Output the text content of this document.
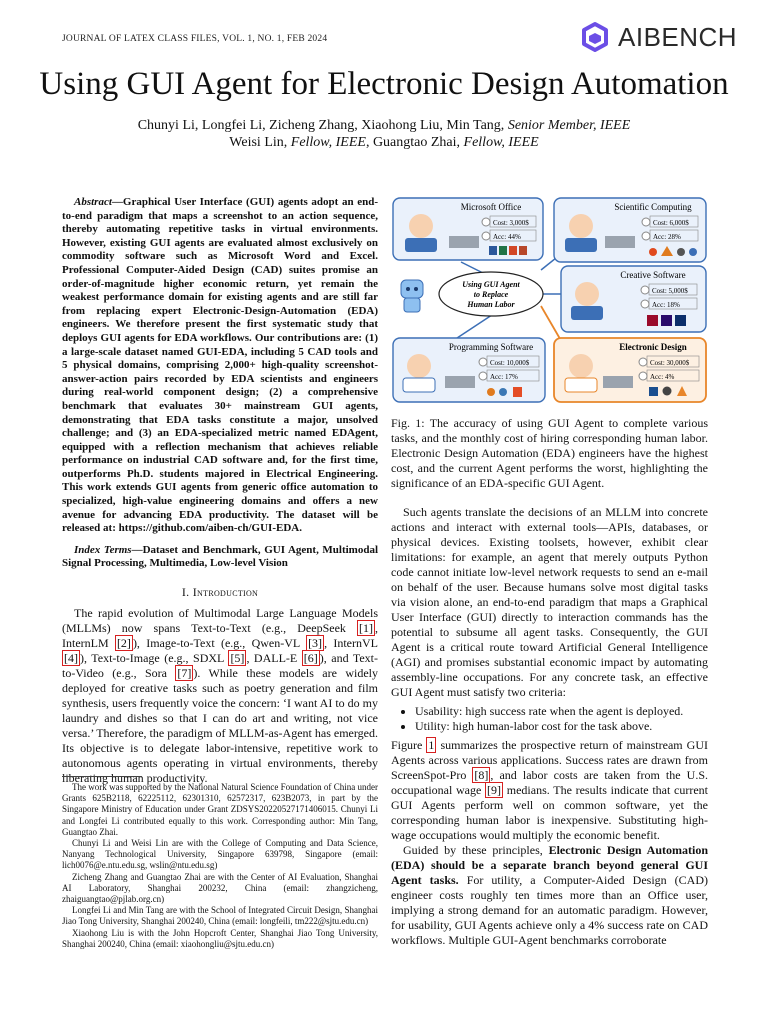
JOURNAL OF LATEX CLASS FILES, VOL. 1, NO. 1, FEB 2024	AIBENCH
Using GUI Agent for Electronic Design Automation
Chunyi Li, Longfei Li, Zicheng Zhang, Xiaohong Liu, Min Tang, Senior Member, IEEE
Weisi Lin, Fellow, IEEE, Guangtao Zhai, Fellow, IEEE

Abstract—Graphical User Interface (GUI) agents adopt an end-to-end paradigm that maps a screenshot to an action sequence, thereby automating repetitive tasks in virtual environments. However, existing GUI agents are evaluated almost exclusively on commodity software such as Microsoft Word and Excel. Professional Computer-Aided Design (CAD) suites promise an order-of-magnitude higher economic return, yet remain the weakest performance domain for existing agents and are still far from replacing expert Electronic-Design-Automation (EDA) engineers. We therefore present the first systematic study that deploys GUI agents for EDA workflows. Our contributions are: (1) a large-scale dataset named GUI-EDA, including 5 CAD tools and 5 physical domains, comprising 2,000+ high-quality screenshot-answer-action pairs recorded by EDA scientists and engineers during real-world component design; (2) a comprehensive benchmark that evaluates 30+ mainstream GUI agents, demonstrating that EDA tasks constitute a major, unsolved challenge; and (3) an EDA-specialized metric named EDAgent, equipped with a reflection mechanism that achieves reliable performance on industrial CAD software and, for the first time, outperforms Ph.D. students majored in Electrical Engineering. This work extends GUI agents from generic office automation to specialized, high-value engineering domains and offers a new avenue for advancing EDA productivity. The dataset will be released at: https://github.com/aiben-ch/GUI-EDA.

Index Terms—Dataset and Benchmark, GUI Agent, Multimodal Signal Processing, Multimedia, Low-level Vision

I. Introduction

The rapid evolution of Multimodal Large Language Models (MLLMs) now spans Text-to-Text (e.g., DeepSeek [1] , InternLM [2] ), Image-to-Text (e.g., Qwen-VL [3] , InternVL [4] ), Text-to-Image (e.g., SDXL [5] , DALL-E [6] ), and Text-to-Video (e.g., Sora [7] ). While these models are widely deployed for creative tasks such as poetry generation and film synthesis, users frequently voice the concern: ‘I want AI to do my laundry and dishes so that I can do art and writing, not vice versa.’ Therefore, the paradigm of MLLM-as-Agent has emerged. Its objective is to delegate labor-intensive, repetitive work to autonomous agents operating in virtual environments, thereby liberating human productivity.

The work was supported by the National Natural Science Foundation of China under Grants 625B2118, 62225112, 62301310, 62572317, 623B2073, in part by the Singapore Ministry of Education under Grant ZDSYS20220527171406015. Chunyi Li and Longfei Li contributed equally to this work. Corresponding author: Min Tang, Guangtao Zhai.

Chunyi Li and Weisi Lin are with the College of Computing and Data Science, Nanyang Technological University, Singapore 639798, Singapore (email: lich0076@e.ntu.edu.sg, wslin@ntu.edu.sg)

Zicheng Zhang and Guangtao Zhai are with the Center of AI Evaluation, Shanghai AI Laboratory, Shanghai 200232, China (email: zhangzicheng, zhaiguangtao@pjlab.org.cn)

Longfei Li and Min Tang are with the School of Integrated Circuit Design, Shanghai Jiao Tong University, Shanghai 200240, China (email: longfeili, tm222@sjtu.edu.cn)

Xiaohong Liu is with the John Hopcroft Center, Shanghai Jiao Tong University, Shanghai 200240, China (email: xiaohongliu@sjtu.edu.cn)

Microsoft Office
Cost: 3,000$
Acc: 44%
Scientific Computing
Cost: 6,000$
Acc: 28%
Using GUI Agent
to Replace
Human Labor
Creative Software
Cost: 5,000$
Acc: 18%
Programming Software
Cost: 10,000$
Acc: 17%
Electronic Design
Cost: 30,000$
Acc: 4%
Fig. 1: The accuracy of using GUI Agent to complete various tasks, and the monthly cost of hiring corresponding human labor. Electronic Design Automation (EDA) engineers have the highest cost, and the current Agent performs the worst, highlighting the significance of an EDA-specific GUI Agent.

Such agents translate the decisions of an MLLM into concrete actions and interact with external tools—APIs, databases, or physical devices. Existing toolsets, however, exhibit clear limitations: for example, an agent that merely outputs Python code cannot initiate low-level network requests to send an e-mail on behalf of the user. Because humans solve most digital tasks via vision alone, an end-to-end paradigm that maps a Graphical User Interface (GUI) directly to interaction commands has the potential to subsume all agent tasks. Consequently, the GUI Agent is a critical route toward Artificial General Intelligence (AGI) and promises substantial economic impact by automating assembly-line occupations. For any concrete task, an effective GUI Agent must satisfy two criteria:

• Usability: high success rate when the agent is deployed.
• Utility: high human-labor cost for the task above.

Figure 1 summarizes the prospective return of mainstream GUI Agents across various applications. Success rates are drawn from ScreenSpot-Pro [8] , and labor costs are taken from the U.S. occupational wage [9] medians. The results indicate that current GUI Agents perform well on common software, yet the corresponding human labor is inexpensive. Substituting high-wage occupations would multiply the economic benefit.

Guided by these principles, Electronic Design Automation (EDA) should be a separate branch beyond general GUI Agent tasks. For utility, a Computer-Aided Design (CAD) engineer costs roughly ten times more than an Office user, implying a strong demand for an automatic paradigm. However, for usability, GUI Agents achieve only a 4% success rate on CAD workflows. Multiple GUI-Agent benchmarks corroborate
